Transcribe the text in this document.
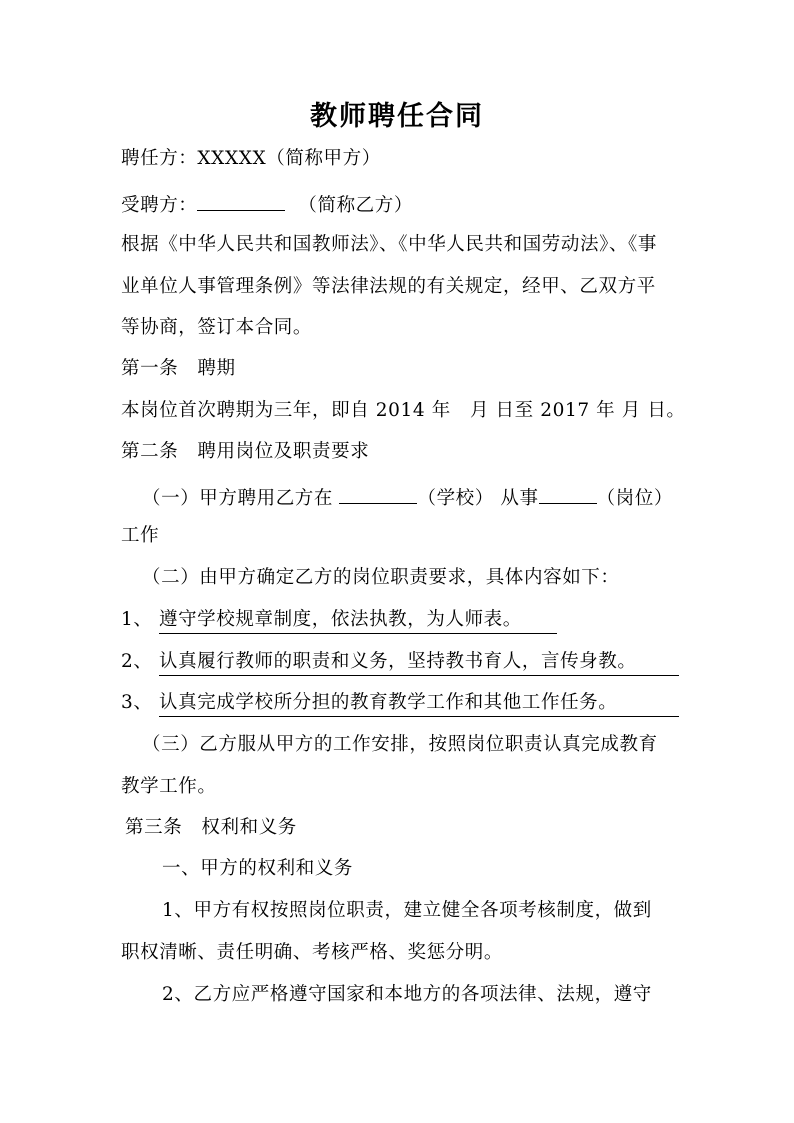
教师聘任合同
聘任方：XXXXX（简称甲方）
受聘方：	（简称乙方）
根据《中华人民共和国教师法》、《中华人民共和国劳动法》、《事
业单位人事管理条例》等法律法规的有关规定，经甲、乙双方平
等协商，签订本合同。
第一条　聘期
本岗位首次聘期为三年，即自 2014 年　月 日至 2017 年 月 日。
第二条　聘用岗位及职责要求
（一）甲方聘用乙方在	（学校） 从事	（岗位）
工作
（二）由甲方确定乙方的岗位职责要求，具体内容如下：
1、 遵守学校规章制度，依法执教，为人师表。
2、 认真履行教师的职责和义务，坚持教书育人，言传身教。
3、 认真完成学校所分担的教育教学工作和其他工作任务。
（三）乙方服从甲方的工作安排，按照岗位职责认真完成教育
教学工作。
第三条　权利和义务
一、甲方的权利和义务
1、甲方有权按照岗位职责，建立健全各项考核制度，做到
职权清晰、责任明确、考核严格、奖惩分明。
2、乙方应严格遵守国家和本地方的各项法律、法规，遵守
